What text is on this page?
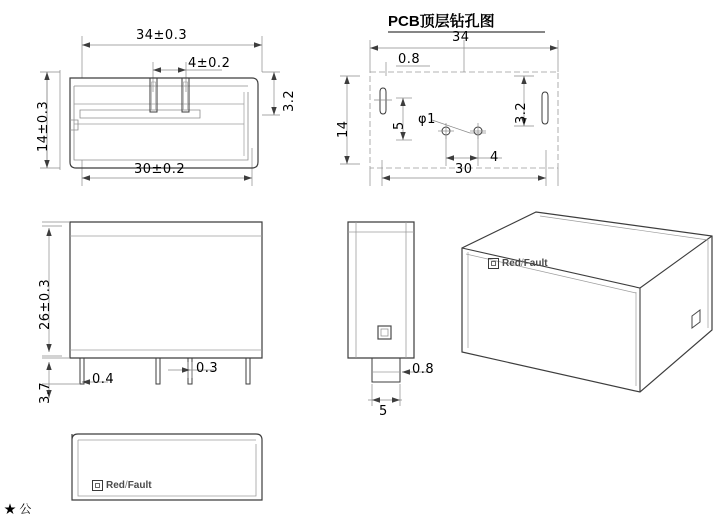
PCB顶层钻孔图
34±0.3
4±0.2
14±0.3	3.2
30±0.2
34
0.8
14	5
3.2
φ1
4
30
26±0.3
3.7
0.4
0.3	0.8
5
Red/Fault
Red/Fault
★ 公
